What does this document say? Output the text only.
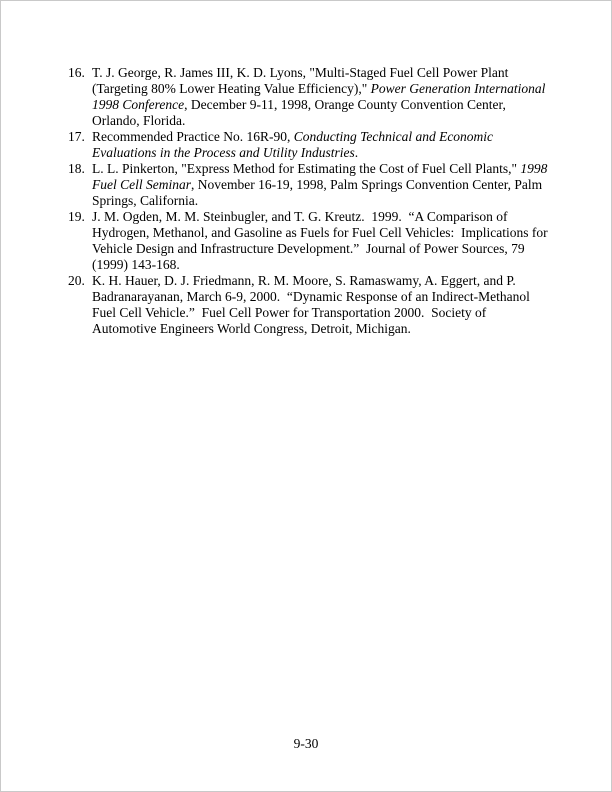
16. T. J. George, R. James III, K. D. Lyons, "Multi-Staged Fuel Cell Power Plant (Targeting 80% Lower Heating Value Efficiency)," Power Generation International 1998 Conference, December 9-11, 1998, Orange County Convention Center, Orlando, Florida.
17. Recommended Practice No. 16R-90, Conducting Technical and Economic Evaluations in the Process and Utility Industries.
18. L. L. Pinkerton, "Express Method for Estimating the Cost of Fuel Cell Plants," 1998 Fuel Cell Seminar, November 16-19, 1998, Palm Springs Convention Center, Palm Springs, California.
19. J. M. Ogden, M. M. Steinbugler, and T. G. Kreutz.  1999.  “A Comparison of Hydrogen, Methanol, and Gasoline as Fuels for Fuel Cell Vehicles:  Implications for Vehicle Design and Infrastructure Development.”  Journal of Power Sources, 79 (1999) 143-168.
20. K. H. Hauer, D. J. Friedmann, R. M. Moore, S. Ramaswamy, A. Eggert, and P. Badranarayanan, March 6-9, 2000.  “Dynamic Response of an Indirect-Methanol Fuel Cell Vehicle.”  Fuel Cell Power for Transportation 2000.  Society of Automotive Engineers World Congress, Detroit, Michigan.
9-30
